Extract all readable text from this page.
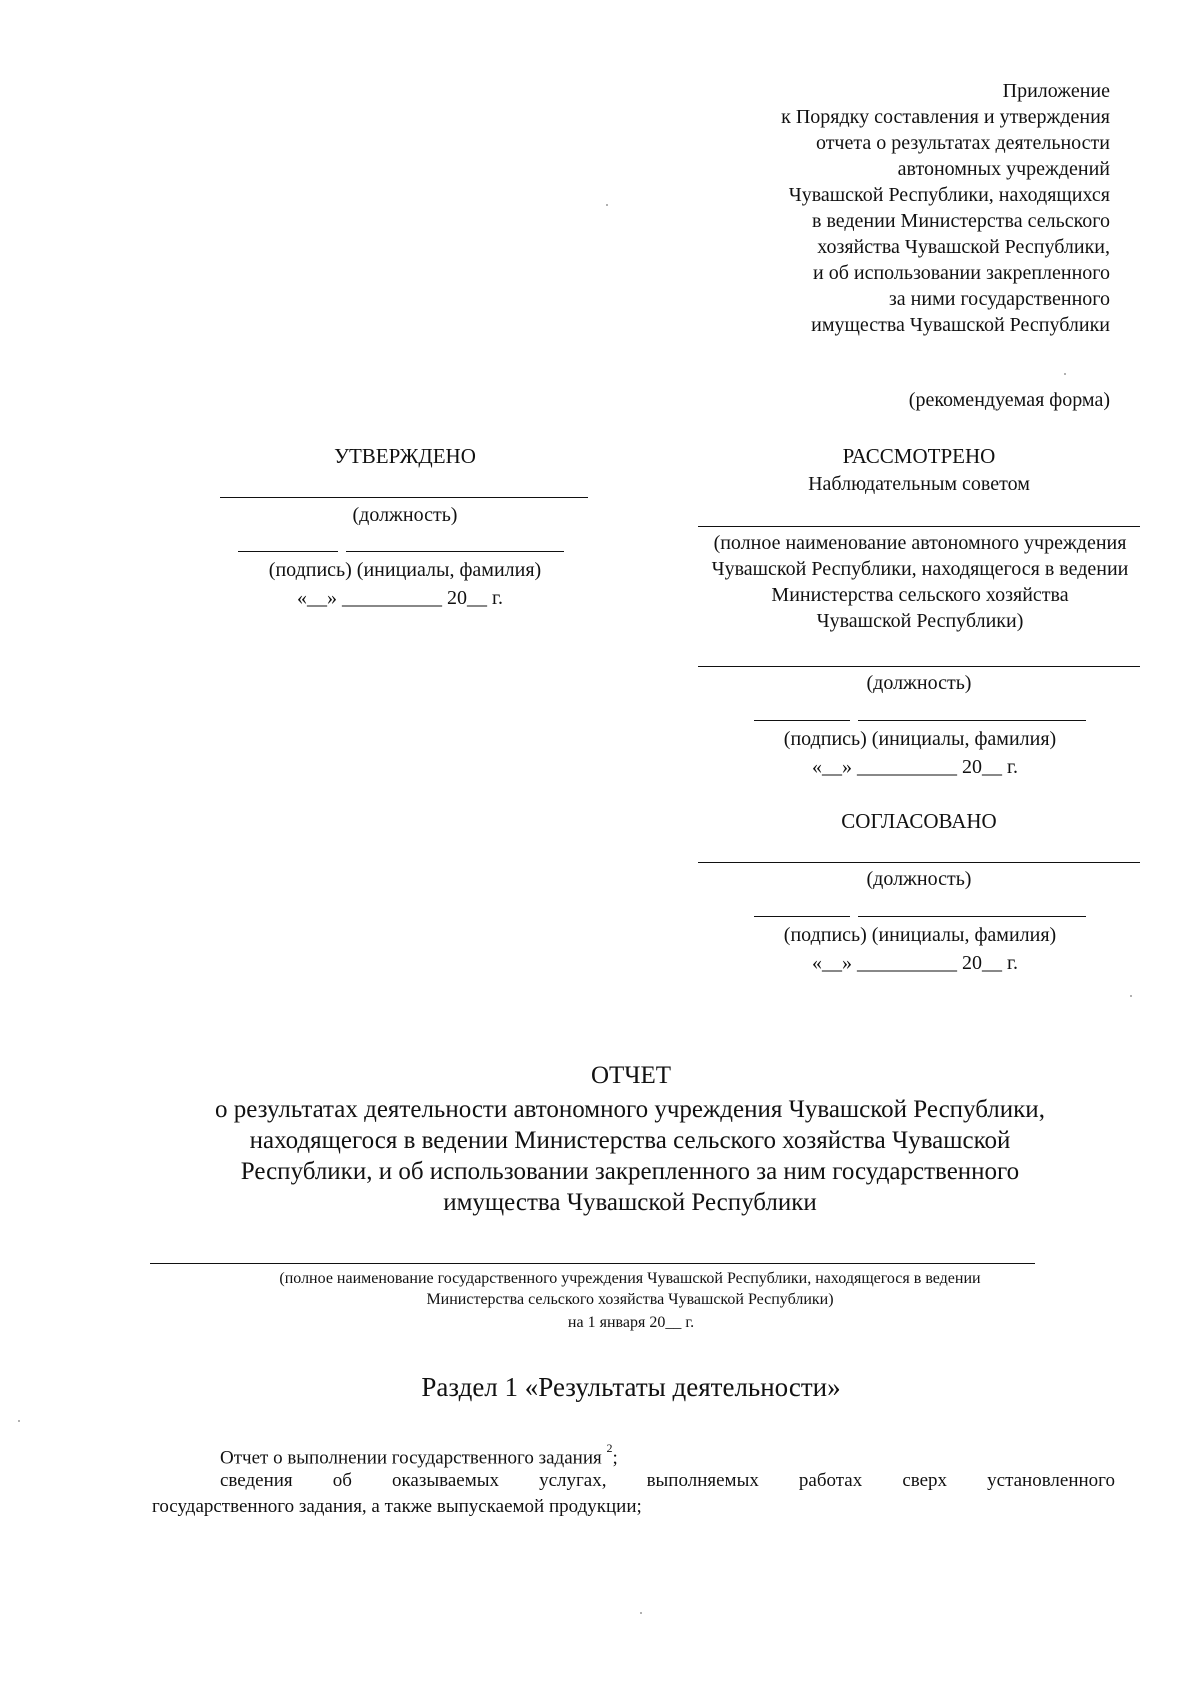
Приложение
к Порядку составления и утверждения
отчета о результатах деятельности
автономных учреждений
Чувашской Республики, находящихся
в ведении Министерства сельского
хозяйства Чувашской Республики,
и об использовании закрепленного
за ними государственного
имущества Чувашской Республики
(рекомендуемая форма)
УТВЕРЖДЕНО
(должность)
(подпись) (инициалы, фамилия)
«__» __________ 20__ г.
РАССМОТРЕНО
Наблюдательным советом
(полное наименование автономного учреждения
Чувашской Республики, находящегося в ведении
Министерства сельского хозяйства
Чувашской Республики)
(должность)
(подпись) (инициалы, фамилия)
«__» __________ 20__ г.
СОГЛАСОВАНО
(должность)
(подпись) (инициалы, фамилия)
«__» __________ 20__ г.
ОТЧЕТ
о результатах деятельности автономного учреждения Чувашской Республики,
находящегося в ведении Министерства сельского хозяйства Чувашской
Республики, и об использовании закрепленного за ним государственного
имущества Чувашской Республики
(полное наименование государственного учреждения Чувашской Республики, находящегося в ведении
Министерства сельского хозяйства Чувашской Республики)
на 1 января 20__ г.
Раздел 1 «Результаты деятельности»
Отчет о выполнении государственного задания $^2$;
сведения об оказываемых услугах, выполняемых работах сверх установленного
государственного задания, а также выпускаемой продукции;
